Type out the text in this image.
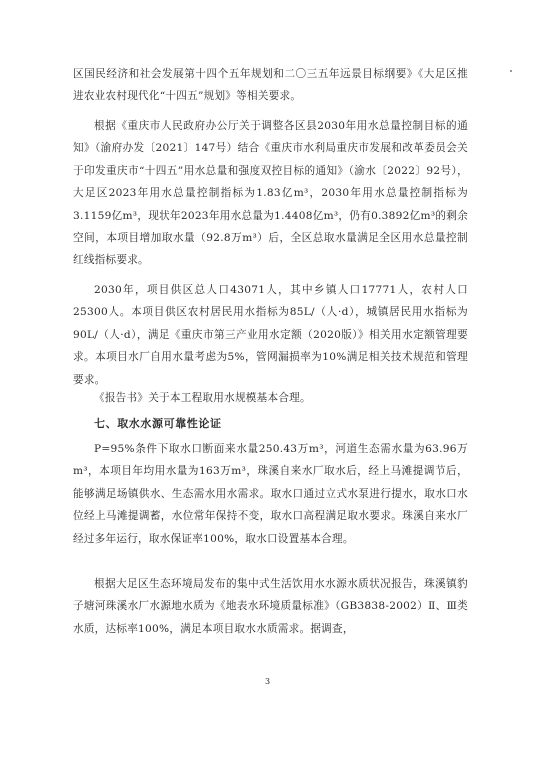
区国民经济和社会发展第十四个五年规划和二〇三五年远景目标纲要》《大足区推进农业农村现代化“十四五”规划》等相关要求。

根据《重庆市人民政府办公厅关于调整各区县2030年用水总量控制目标的通知》（渝府办发〔2021〕147号）结合《重庆市水利局重庆市发展和改革委员会关于印发重庆市“十四五”用水总量和强度双控目标的通知》（渝水〔2022〕92号），大足区2023年用水总量控制指标为1.83亿m³，2030年用水总量控制指标为3.1159亿m³，现状年2023年用水总量为1.4408亿m³，仍有0.3892亿m³的剩余空间，本项目增加取水量（92.8万m³）后，全区总取水量满足全区用水总量控制红线指标要求。

2030年，项目供区总人口43071人，其中乡镇人口17771人，农村人口25300人。本项目供区农村居民用水指标为85L/（人·d），城镇居民用水指标为90L/（人·d），满足《重庆市第三产业用水定额（2020版）》相关用水定额管理要求。本项目水厂自用水量考虑为5%，管网漏损率为10%满足相关技术规范和管理要求。

《报告书》关于本工程取用水规模基本合理。

七、取水水源可靠性论证

P=95%条件下取水口断面来水量250.43万m³，河道生态需水量为63.96万m³，本项目年均用水量为163万m³，珠溪自来水厂取水后，经上马滩提调节后，能够满足场镇供水、生态需水用水需求。取水口通过立式水泵进行提水，取水口水位经上马滩提调蓄，水位常年保持不变，取水口高程满足取水要求。珠溪自来水厂经过多年运行，取水保证率100%，取水口设置基本合理。

根据大足区生态环境局发布的集中式生活饮用水水源水质状况报告，珠溪镇豹子塘河珠溪水厂水源地水质为《地表水环境质量标准》（GB3838-2002）Ⅱ、Ⅲ类水质，达标率100%，满足本项目取水水质需求。据调查，

3
